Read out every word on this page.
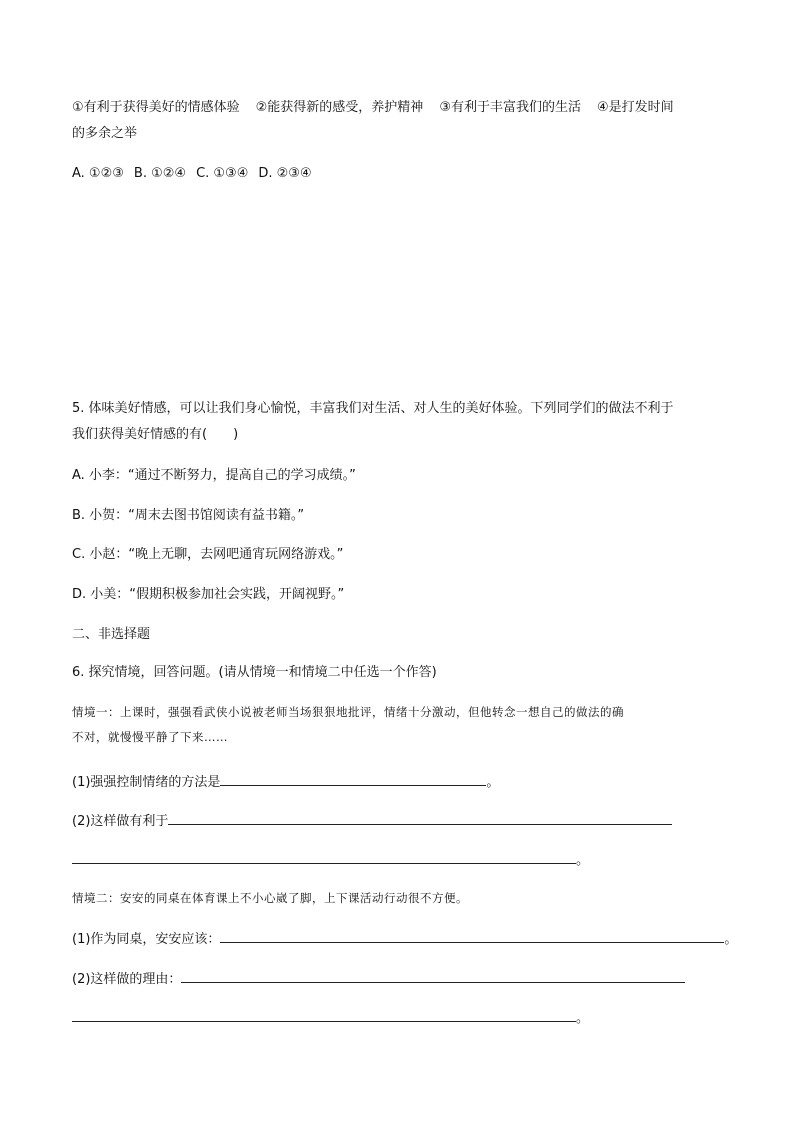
①有利于获得美好的情感体验 ②能获得新的感受，养护精神 ③有利于丰富我们的生活 ④是打发时间
的多余之举
A. ①②③ B. ①②④ C. ①③④ D. ②③④
5. 体味美好情感，可以让我们身心愉悦，丰富我们对生活、对人生的美好体验。下列同学们的做法不利于
我们获得美好情感的有(　　)
A. 小李：“通过不断努力，提高自己的学习成绩。”
B. 小贺：“周末去图书馆阅读有益书籍。”
C. 小赵：“晚上无聊，去网吧通宵玩网络游戏。”
D. 小美：“假期积极参加社会实践，开阔视野。”
二、非选择题
6. 探究情境，回答问题。(请从情境一和情境二中任选一个作答)
情境一：上课时，强强看武侠小说被老师当场狠狠地批评，情绪十分激动，但他转念一想自己的做法的确
不对，就慢慢平静了下来……
(1)强强控制情绪的方法是	。
(2)这样做有利于
。
情境二：安安的同桌在体育课上不小心崴了脚，上下课活动行动很不方便。
(1)作为同桌，安安应该：	。
(2)这样做的理由：
。
